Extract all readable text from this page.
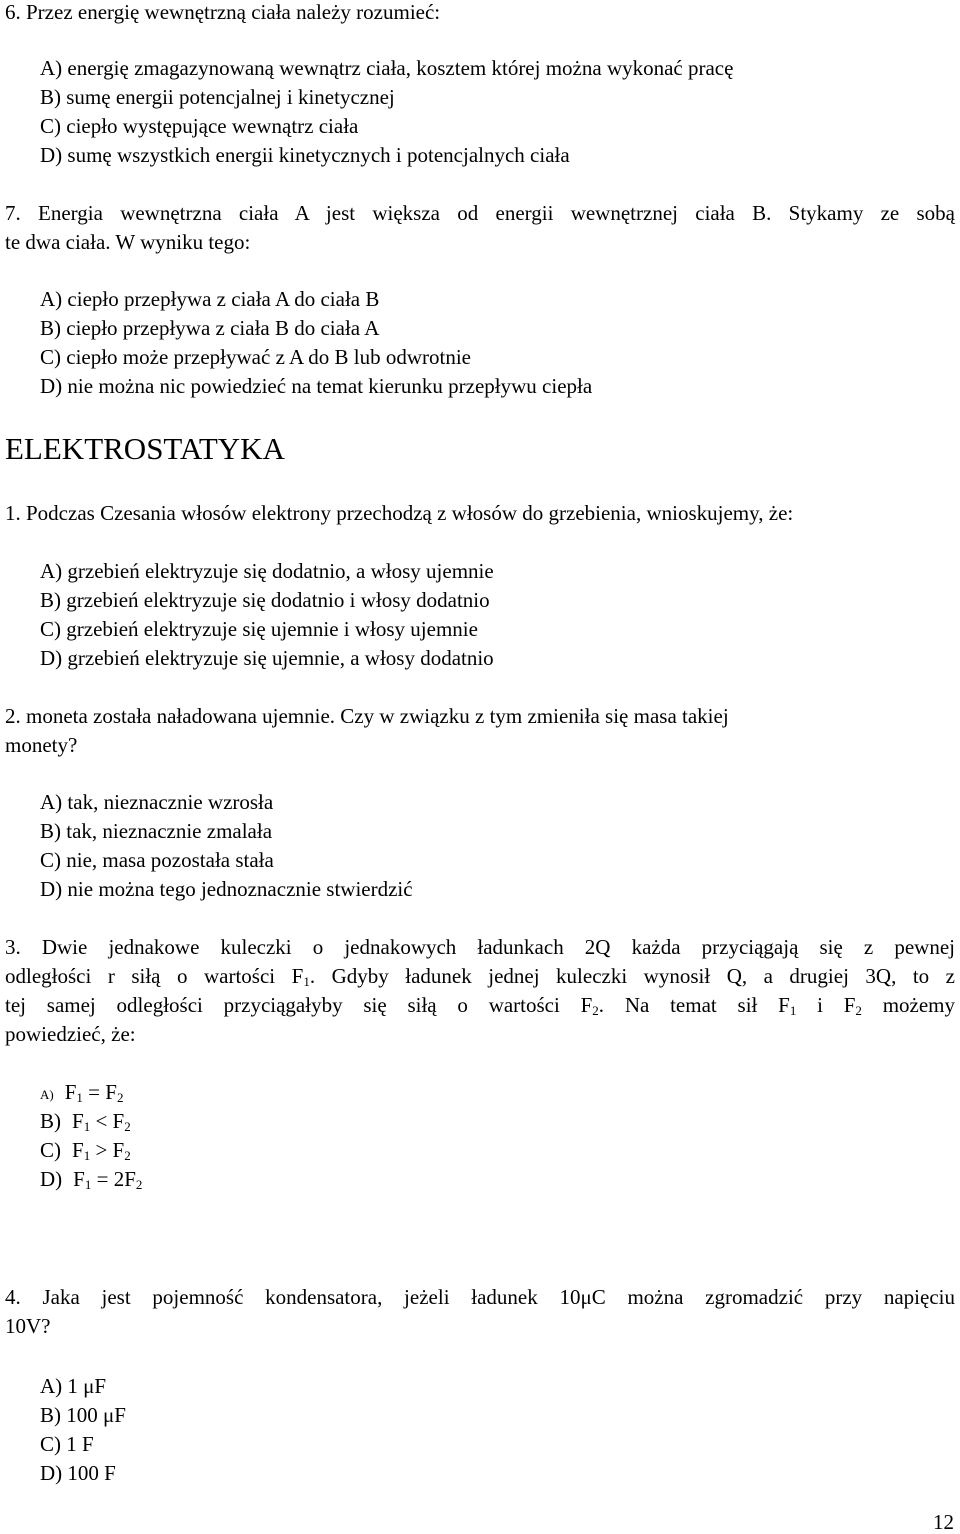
6. Przez energię wewnętrzną ciała należy rozumieć:
A) energię zmagazynowaną wewnątrz ciała, kosztem której można wykonać pracę
B) sumę energii potencjalnej i kinetycznej
C) ciepło występujące wewnątrz ciała
D) sumę wszystkich energii kinetycznych i potencjalnych ciała
7. Energia wewnętrzna ciała A jest większa od energii wewnętrznej ciała B. Stykamy ze sobą
te dwa ciała. W wyniku tego:
A) ciepło przepływa z ciała A do ciała B
B) ciepło przepływa z ciała B do ciała A
C) ciepło może przepływać z A do B lub odwrotnie
D) nie można nic powiedzieć na temat kierunku przepływu ciepła
ELEKTROSTATYKA
1. Podczas Czesania włosów elektrony przechodzą z włosów do grzebienia, wnioskujemy, że:
A) grzebień elektryzuje się dodatnio, a włosy ujemnie
B) grzebień elektryzuje się dodatnio i włosy dodatnio
C) grzebień elektryzuje się ujemnie i włosy ujemnie
D) grzebień elektryzuje się ujemnie, a włosy dodatnio
2. moneta została naładowana ujemnie. Czy w związku z tym zmieniła się masa takiej
monety?
A) tak, nieznacznie wzrosła
B) tak, nieznacznie zmalała
C) nie, masa pozostała stała
D) nie można tego jednoznacznie stwierdzić
3. Dwie jednakowe kuleczki o jednakowych ładunkach 2Q każda przyciągają się z pewnej
odległości r siłą o wartości $F_1$. Gdyby ładunek jednej kuleczki wynosił Q, a drugiej 3Q, to z
tej samej odległości przyciągałyby się siłą o wartości $F_2$. Na temat sił $F_1$ i $F_2$ możemy
powiedzieć, że:
A) $F_1 = F_2$
B) $F_1 < F_2$
C) $F_1 > F_2$
D) $F_1 = 2F_2$
4. Jaka jest pojemność kondensatora, jeżeli ładunek 10μC można zgromadzić przy napięciu
10V?
A) 1 μF
B) 100 μF
C) 1 F
D) 100 F
12
